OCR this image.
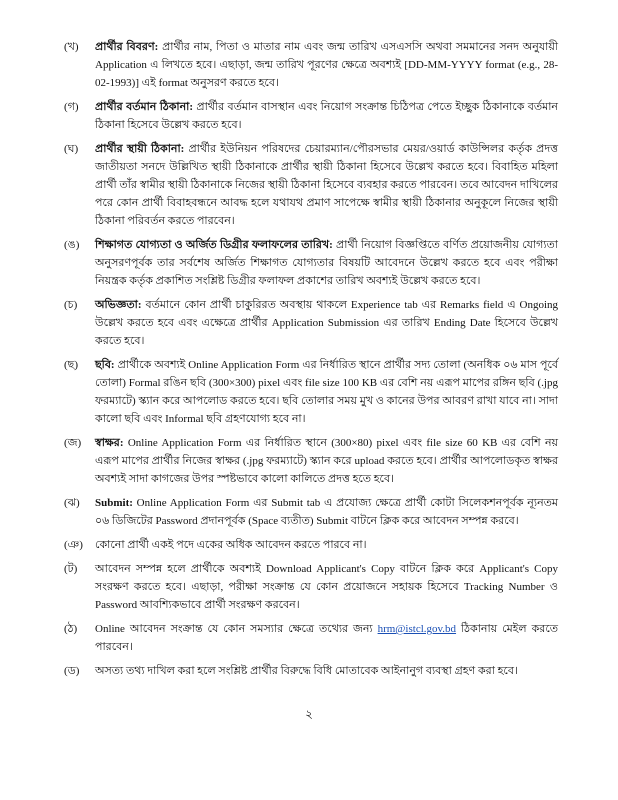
(খ)	প্রার্থীর বিবরণ: প্রার্থীর নাম, পিতা ও মাতার নাম এবং জন্ম তারিখ এসএসসি অথবা সমমানের সনদ অনুযায়ী Application এ লিখতে হবে। এছাড়া, জন্ম তারিখ পূরণের ক্ষেত্রে অবশ্যই [DD-MM-YYYY format (e.g., 28-02-1993)] এই format অনুসরণ করতে হবে।
(গ)	প্রার্থীর বর্তমান ঠিকানা: প্রার্থীর বর্তমান বাসস্থান এবং নিয়োগ সংক্রান্ত চিঠিপত্র পেতে ইচ্ছুক ঠিকানাকে বর্তমান ঠিকানা হিসেবে উল্লেখ করতে হবে।
(ঘ)	প্রার্থীর স্থায়ী ঠিকানা: প্রার্থীর ইউনিয়ন পরিষদের চেয়ারম্যান/পৌরসভার মেয়র/ওয়ার্ড কাউন্সিলর কর্তৃক প্রদত্ত জাতীয়তা সনদে উল্লিখিত স্থায়ী ঠিকানাকে প্রার্থীর স্থায়ী ঠিকানা হিসেবে উল্লেখ করতে হবে। বিবাহিত মহিলা প্রার্থী তাঁর স্বামীর স্থায়ী ঠিকানাকে নিজের স্থায়ী ঠিকানা হিসেবে ব্যবহার করতে পারবেন। তবে আবেদন দাখিলের পরে কোন প্রার্থী বিবাহবন্ধনে আবদ্ধ হলে যথাযথ প্রমাণ সাপেক্ষে স্বামীর স্থায়ী ঠিকানার অনুকূলে নিজের স্থায়ী ঠিকানা পরিবর্তন করতে পারবেন।
(ঙ)	শিক্ষাগত যোগ্যতা ও অর্জিত ডিগ্রীর ফলাফলের তারিখ: প্রার্থী নিয়োগ বিজ্ঞপ্তিতে বর্ণিত প্রয়োজনীয় যোগ্যতা অনুসরণপূর্বক তার সর্বশেষ অর্জিত শিক্ষাগত যোগ্যতার বিষয়টি আবেদনে উল্লেখ করতে হবে এবং পরীক্ষা নিয়ন্ত্রক কর্তৃক প্রকাশিত সংশ্লিষ্ট ডিগ্রীর ফলাফল প্রকাশের তারিখ অবশ্যই উল্লেখ করতে হবে।
(চ)	অভিজ্ঞতা: বর্তমানে কোন প্রার্থী চাকুরিরত অবস্থায় থাকলে Experience tab এর Remarks field এ Ongoing উল্লেখ করতে হবে এবং এক্ষেত্রে প্রার্থীর Application Submission এর তারিখ Ending Date হিসেবে উল্লেখ করতে হবে।
(ছ)	ছবি: প্রার্থীকে অবশ্যই Online Application Form এর নির্ধারিত স্থানে প্রার্থীর সদ্য তোলা (অনধিক ০৬ মাস পূর্বে তোলা) Formal রঙিন ছবি (300×300) pixel এবং file size 100 KB এর বেশি নয় এরূপ মাপের রঙ্গিন ছবি (.jpg ফরম্যাটে) স্ক্যান করে আপলোড করতে হবে। ছবি তোলার সময় মুখ ও কানের উপর আবরণ রাখা যাবে না। সাদা কালো ছবি এবং Informal ছবি গ্রহণযোগ্য হবে না।
(জ)	স্বাক্ষর: Online Application Form এর নির্ধারিত স্থানে (300×80) pixel এবং file size 60 KB এর বেশি নয় এরূপ মাপের প্রার্থীর নিজের স্বাক্ষর (.jpg ফরম্যাটে) স্ক্যান করে upload করতে হবে। প্রার্থীর আপলোডকৃত স্বাক্ষর অবশ্যই সাদা কাগজের উপর স্পষ্টভাবে কালো কালিতে প্রদত্ত হতে হবে।
(ঝ)	Submit: Online Application Form এর Submit tab এ প্রযোজ্য ক্ষেত্রে প্রার্থী কোটা সিলেকশনপূর্বক ন্যূনতম ০৬ ডিজিটের Password প্রদানপূর্বক (Space ব্যতীত) Submit বাটনে ক্লিক করে আবেদন সম্পন্ন করবে।
(ঞ)	কোনো প্রার্থী একই পদে একের অধিক আবেদন করতে পারবে না।
(ট)	আবেদন সম্পন্ন হলে প্রার্থীকে অবশ্যই Download Applicant's Copy বাটনে ক্লিক করে Applicant's Copy সংরক্ষণ করতে হবে। এছাড়া, পরীক্ষা সংক্রান্ত যে কোন প্রয়োজনে সহায়ক হিসেবে Tracking Number ও Password আবশ্যিকভাবে প্রার্থী সংরক্ষণ করবেন।
(ঠ)	Online আবেদন সংক্রান্ত যে কোন সমস্যার ক্ষেত্রে তথ্যের জন্য hrm@istcl.gov.bd ঠিকানায় মেইল করতে পারবেন।
(ড)	অসত্য তথ্য দাখিল করা হলে সংশ্লিষ্ট প্রার্থীর বিরুদ্ধে বিধি মোতাবেক আইনানুগ ব্যবস্থা গ্রহণ করা হবে।
২
